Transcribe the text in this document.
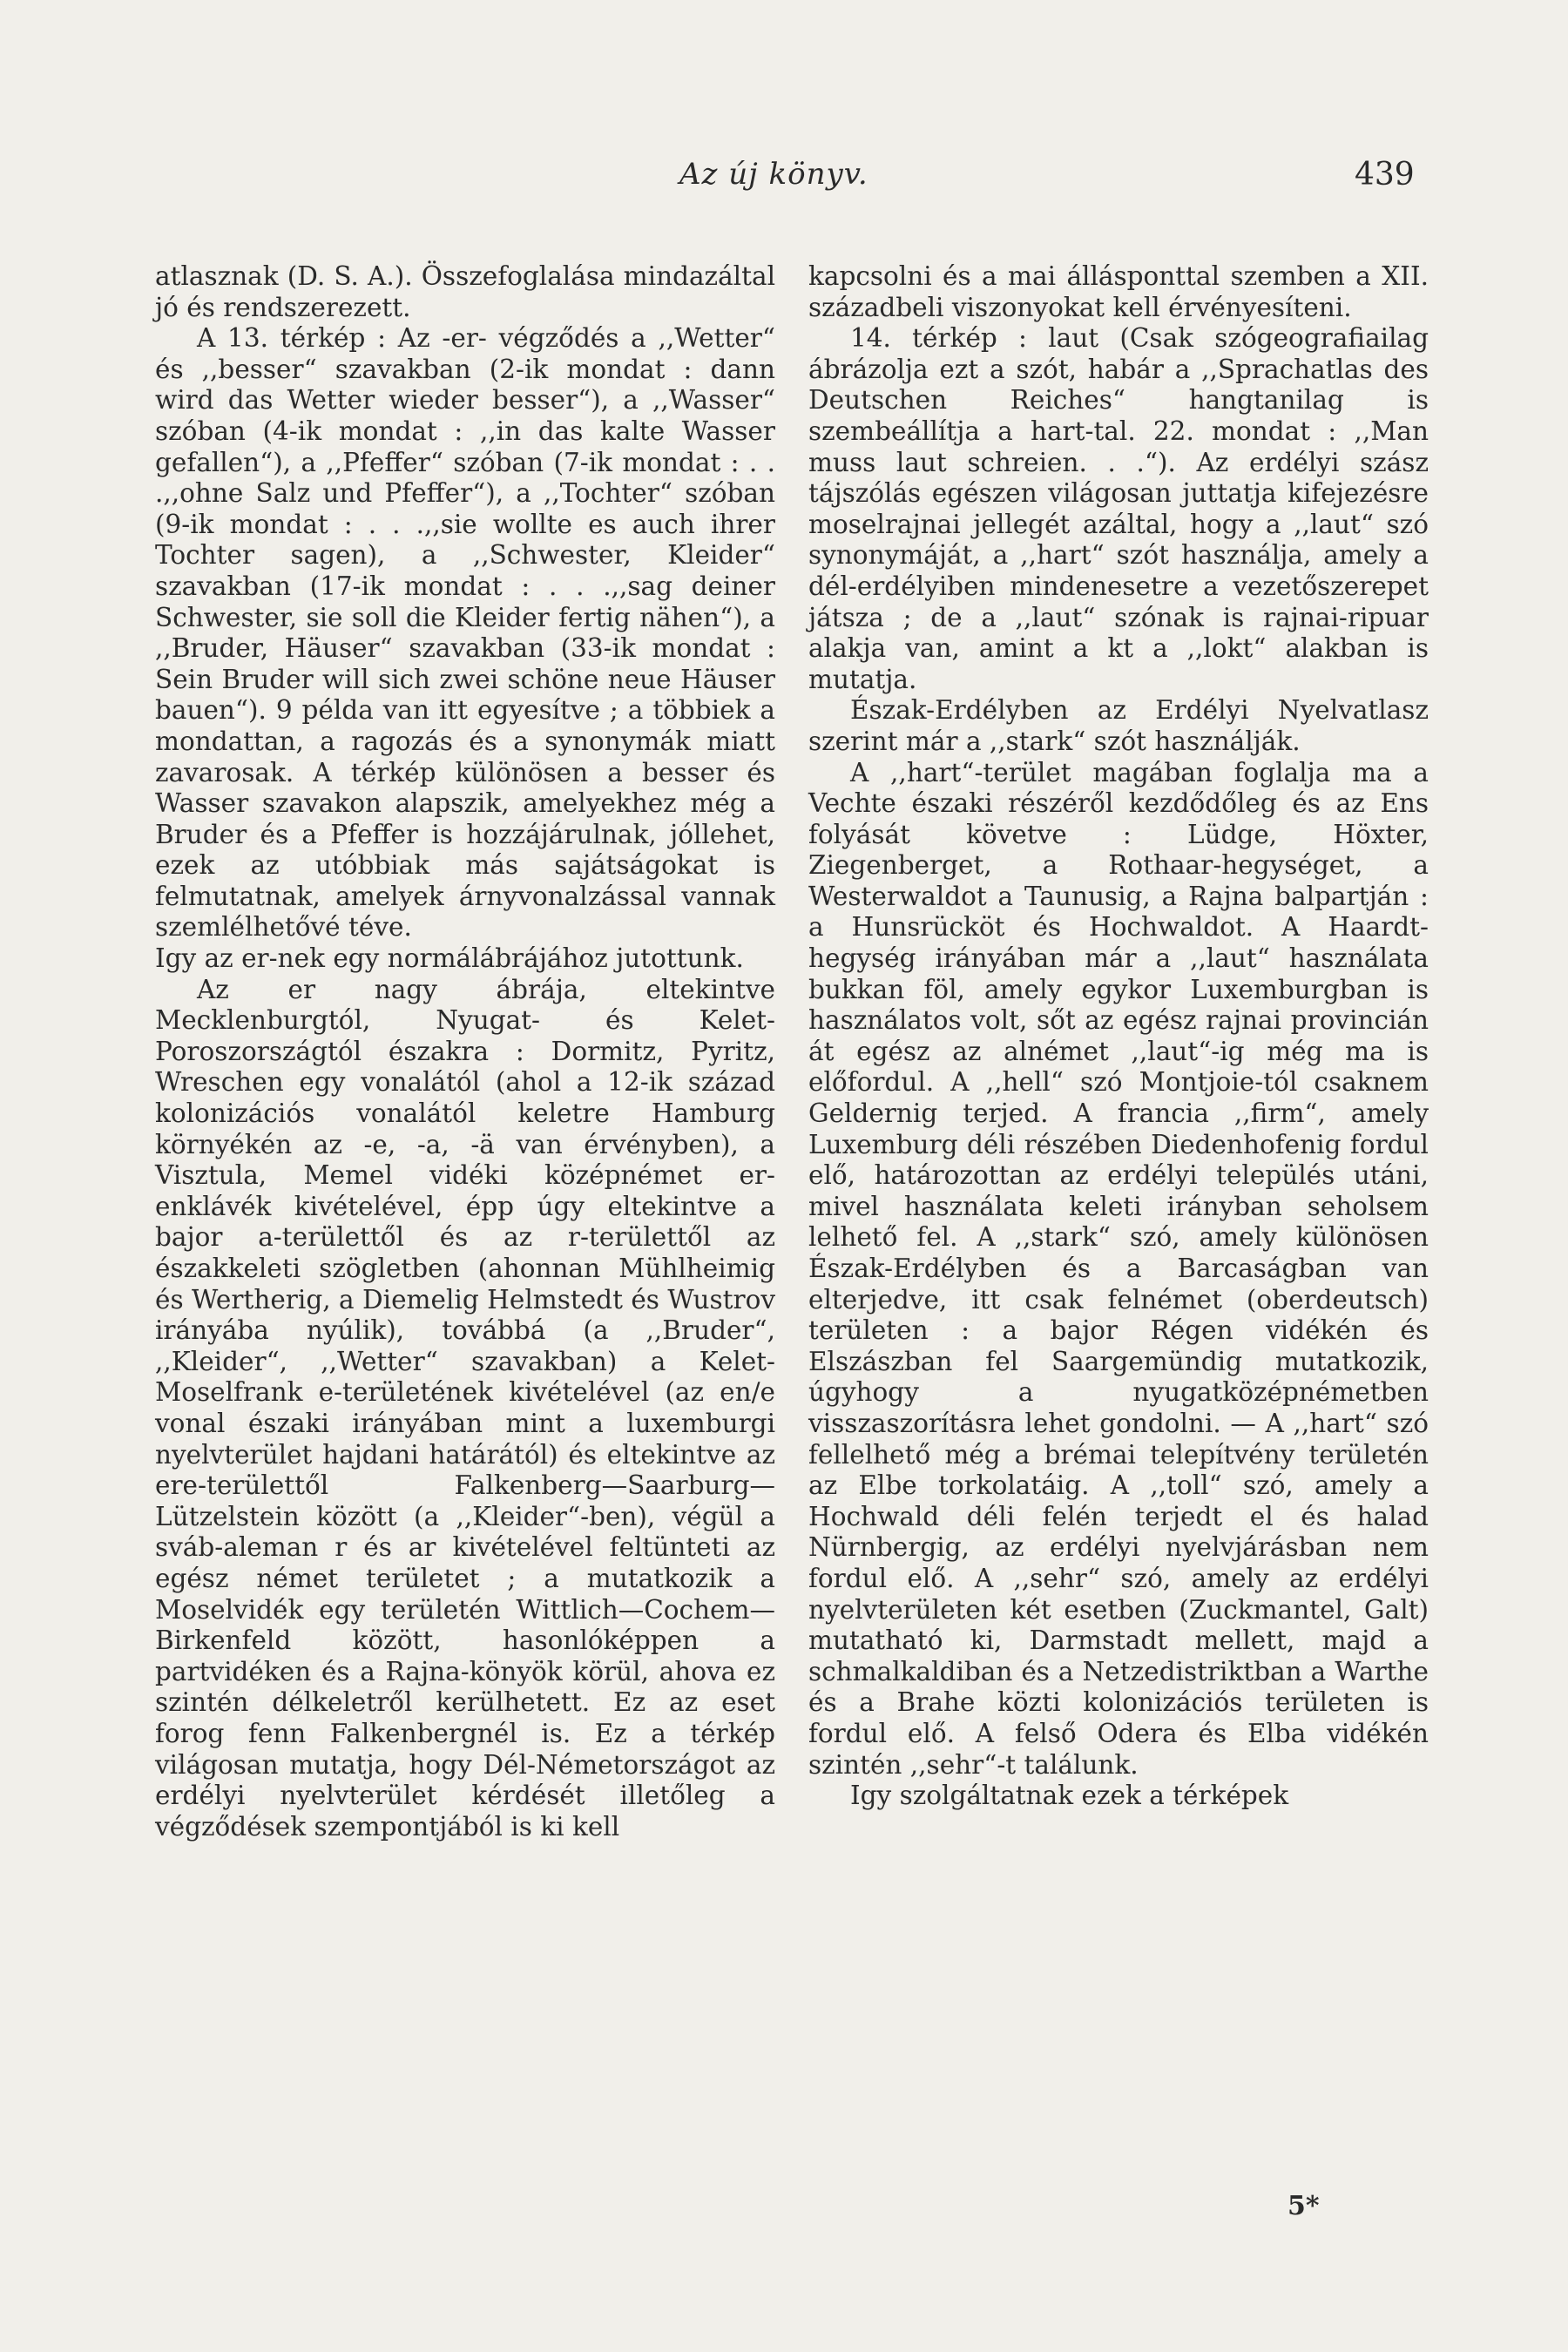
Az új könyv.	439

atlasznak (D. S. A.). Összefoglalása mindazáltal jó és rendszerezett.

A 13. térkép : Az -er- végződés a ,,Wetter“ és ,,besser“ szavakban (2-ik mondat : dann wird das Wetter wieder besser“), a ,,Wasser“ szóban (4-ik mondat : ,,in das kalte Wasser gefallen“), a ,,Pfeffer“ szóban (7-ik mondat : . . .,,ohne Salz und Pfeffer“), a ,,Tochter“ szóban (9-ik mondat : . . .,,sie wollte es auch ihrer Tochter sagen), a ,,Schwester, Kleider“ szavakban (17-ik mondat : . . .,,sag deiner Schwester, sie soll die Kleider fertig nähen“), a ,,Bruder, Häuser“ szavakban (33-ik mondat : Sein Bruder will sich zwei schöne neue Häuser bauen“). 9 példa van itt egyesítve ; a többiek a mondattan, a ragozás és a synonymák miatt zavarosak. A térkép különösen a besser és Wasser szavakon alapszik, amelyekhez még a Bruder és a Pfeffer is hozzájárulnak, jóllehet, ezek az utóbbiak más sajátságokat is felmutatnak, amelyek árnyvonalzással vannak szemlélhetővé téve.

Igy az er-nek egy normálábrájához jutottunk.

Az er nagy ábrája, eltekintve Mecklenburgtól, Nyugat- és Kelet-Poroszországtól északra : Dormitz, Pyritz, Wreschen egy vonalától (ahol a 12-ik század kolonizációs vonalától keletre Hamburg környékén az -e, -a, -ä van érvényben), a Visztula, Memel vidéki középnémet er-enklávék kivételével, épp úgy eltekintve a bajor a-területtől és az r-területtől az északkeleti szögletben (ahonnan Mühlheimig és Wertherig, a Diemelig Helmstedt és Wustrov irányába nyúlik), továbbá (a ,,Bruder“, ,,Kleider“, ,,Wetter“ szavakban) a Kelet-Moselfrank e-területének kivételével (az en/e vonal északi irányában mint a luxemburgi nyelvterület hajdani határától) és eltekintve az ere-területtől Falkenberg—Saarburg—Lützelstein között (a ,,Kleider“-ben), végül a sváb-aleman r és ar kivételével feltünteti az egész német területet ; a mutatkozik a Moselvidék egy területén Wittlich—Cochem—Birkenfeld között, hasonlóképpen a partvidéken és a Rajna-könyök körül, ahova ez szintén délkeletről kerülhetett. Ez az eset forog fenn Falkenbergnél is. Ez a térkép világosan mutatja, hogy Dél-Németországot az erdélyi nyelvterület kérdését illetőleg a végződések szempontjából is ki kell

kapcsolni és a mai állásponttal szemben a XII. századbeli viszonyokat kell érvényesíteni.

14. térkép : laut (Csak szógeografiailag ábrázolja ezt a szót, habár a ,,Sprachatlas des Deutschen Reiches“ hangtanilag is szembeállítja a hart-tal. 22. mondat : ,,Man muss laut schreien. . .“). Az erdélyi szász tájszólás egészen világosan juttatja kifejezésre moselrajnai jellegét azáltal, hogy a ,,laut“ szó synonymáját, a ,,hart“ szót használja, amely a dél-erdélyiben mindenesetre a vezetőszerepet játsza ; de a ,,laut“ szónak is rajnai-ripuar alakja van, amint a kt a ,,lokt“ alakban is mutatja.

Észak-Erdélyben az Erdélyi Nyelvatlasz szerint már a ,,stark“ szót használják.

A ,,hart“-terület magában foglalja ma a Vechte északi részéről kezdődőleg és az Ens folyását követve : Lüdge, Höxter, Ziegenberget, a Rothaar-hegységet, a Westerwaldot a Taunusig, a Rajna balpartján : a Hunsrücköt és Hochwaldot. A Haardt-hegység irányában már a ,,laut“ használata bukkan föl, amely egykor Luxemburgban is használatos volt, sőt az egész rajnai provincián át egész az alnémet ,,laut“-ig még ma is előfordul. A ,,hell“ szó Montjoie-tól csaknem Geldernig terjed. A francia ,,firm“, amely Luxemburg déli részében Diedenhofenig fordul elő, határozottan az erdélyi település utáni, mivel használata keleti irányban seholsem lelhető fel. A ,,stark“ szó, amely különösen Észak-Erdélyben és a Barcaságban van elterjedve, itt csak felnémet (oberdeutsch) területen : a bajor Régen vidékén és Elszászban fel Saargemündig mutatkozik, úgyhogy a nyugatközépnémetben visszaszorításra lehet gondolni. — A ,,hart“ szó fellelhető még a brémai telepítvény területén az Elbe torkolatáig. A ,,toll“ szó, amely a Hochwald déli felén terjedt el és halad Nürnbergig, az erdélyi nyelvjárásban nem fordul elő. A ,,sehr“ szó, amely az erdélyi nyelvterületen két esetben (Zuckmantel, Galt) mutatható ki, Darmstadt mellett, majd a schmalkaldiban és a Netzedistriktban a Warthe és a Brahe közti kolonizációs területen is fordul elő. A felső Odera és Elba vidékén szintén ,,sehr“-t találunk.

Igy szolgáltatnak ezek a térképek

5*
